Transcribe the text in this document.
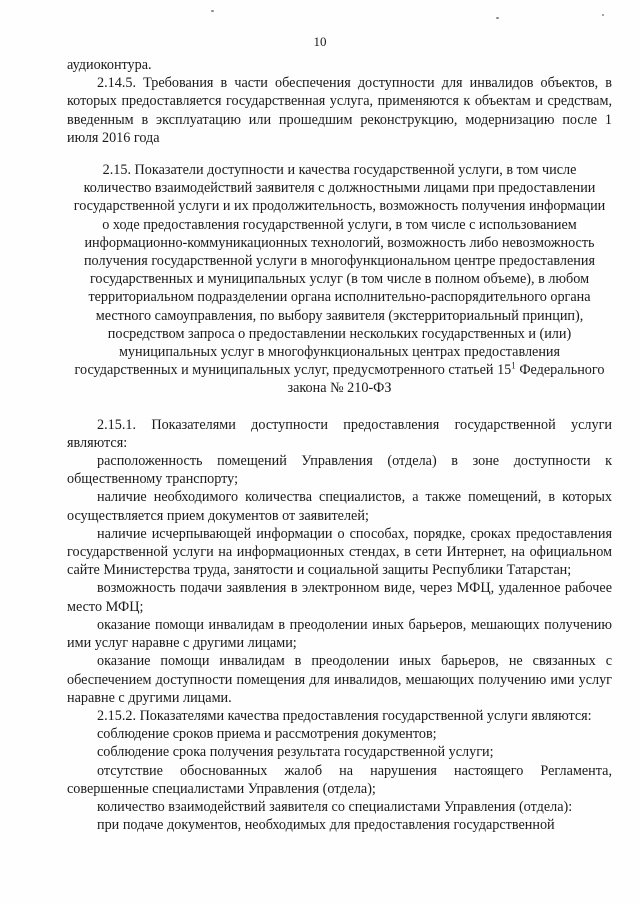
10

аудиоконтура.

2.14.5. Требования в части обеспечения доступности для инвалидов объектов, в которых предоставляется государственная услуга, применяются к объектам и средствам, введенным в эксплуатацию или прошедшим реконструкцию, модернизацию после 1 июля 2016 года

2.15. Показатели доступности и качества государственной услуги, в том числе количество взаимодействий заявителя с должностными лицами при предоставлении государственной услуги и их продолжительность, возможность получения информации о ходе предоставления государственной услуги, в том числе с использованием информационно-коммуникационных технологий, возможность либо невозможность получения государственной услуги в многофункциональном центре предоставления государственных и муниципальных услуг (в том числе в полном объеме), в любом территориальном подразделении органа исполнительно-распорядительного органа местного самоуправления, по выбору заявителя (экстерриториальный принцип), посредством запроса о предоставлении нескольких государственных и (или) муниципальных услуг в многофункциональных центрах предоставления государственных и муниципальных услуг, предусмотренного статьей $15^1$ Федерального закона № 210-ФЗ

2.15.1. Показателями доступности предоставления государственной услуги являются:

расположенность помещений Управления (отдела) в зоне доступности к общественному транспорту;

наличие необходимого количества специалистов, а также помещений, в которых осуществляется прием документов от заявителей;

наличие исчерпывающей информации о способах, порядке, сроках предоставления государственной услуги на информационных стендах, в сети Интернет, на официальном сайте Министерства труда, занятости и социальной защиты Республики Татарстан;

возможность подачи заявления в электронном виде, через МФЦ, удаленное рабочее место МФЦ;

оказание помощи инвалидам в преодолении иных барьеров, мешающих получению ими услуг наравне с другими лицами;

оказание помощи инвалидам в преодолении иных барьеров, не связанных с обеспечением доступности помещения для инвалидов, мешающих получению ими услуг наравне с другими лицами.

2.15.2. Показателями качества предоставления государственной услуги являются:

соблюдение сроков приема и рассмотрения документов;

соблюдение срока получения результата государственной услуги;

отсутствие обоснованных жалоб на нарушения настоящего Регламента, совершенные специалистами Управления (отдела);

количество взаимодействий заявителя со специалистами Управления (отдела):

при подаче документов, необходимых для предоставления государственной
